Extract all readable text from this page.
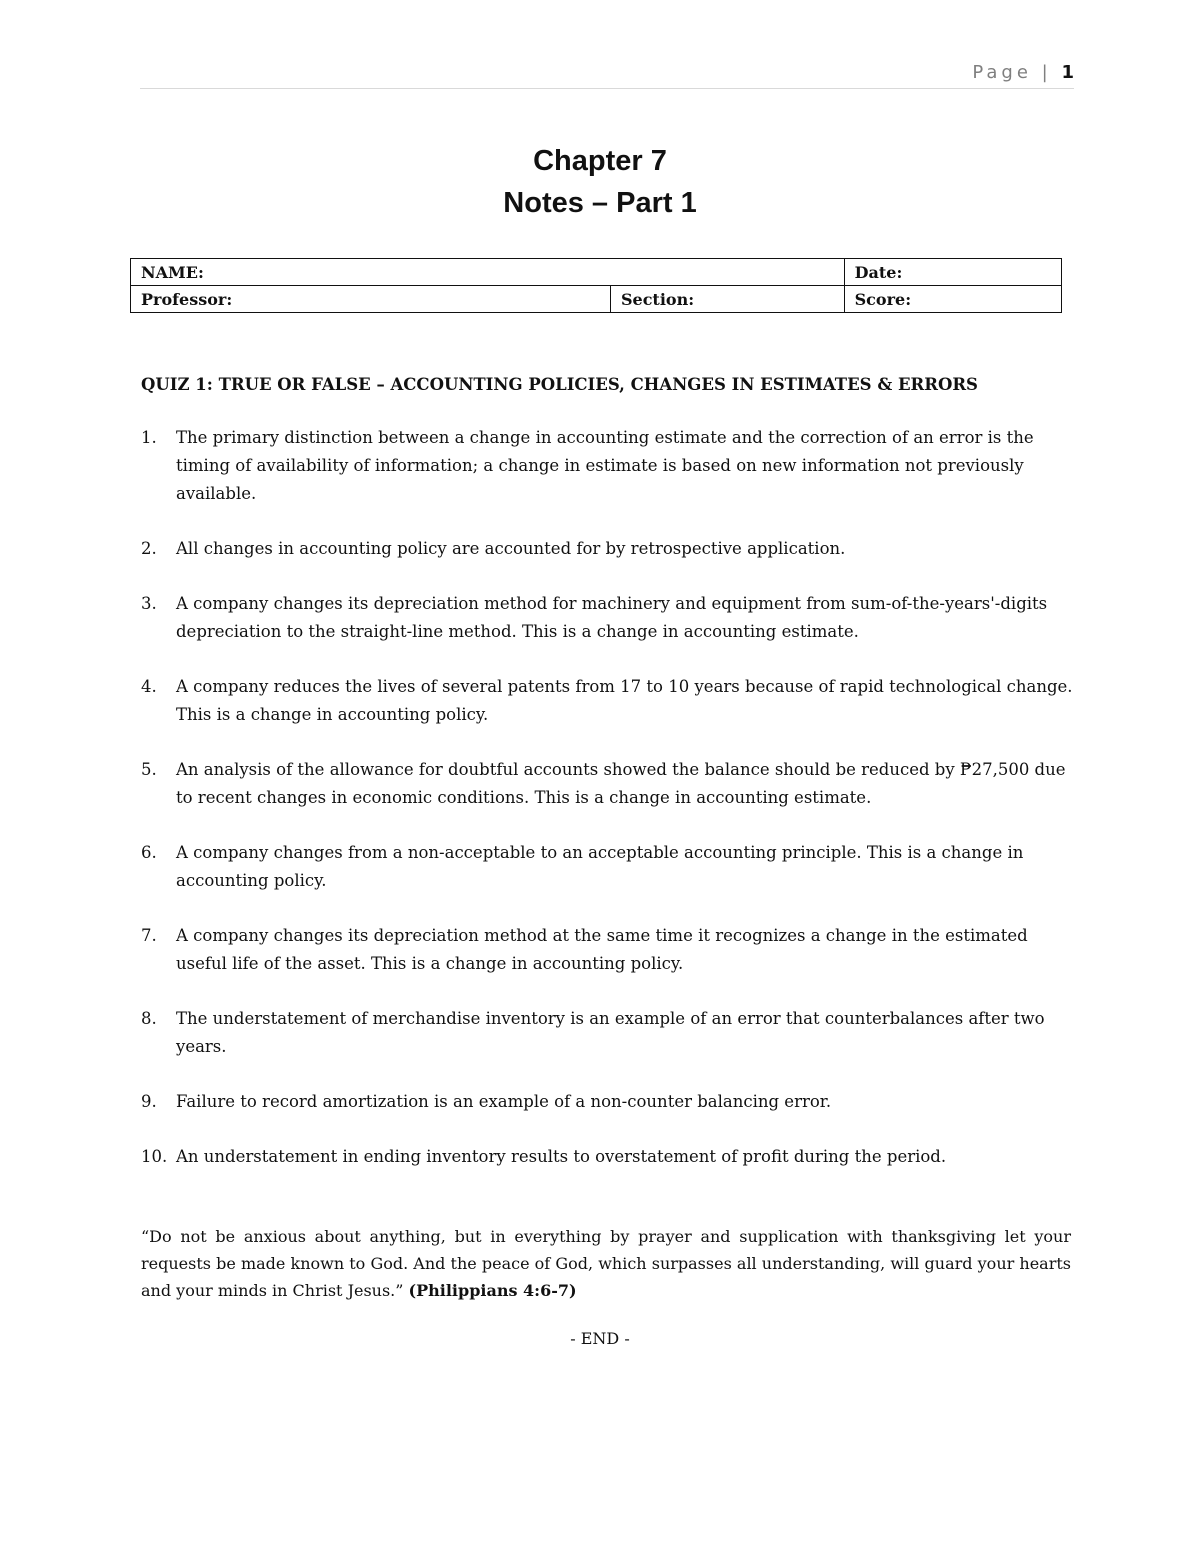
Page | 1
Chapter 7
Notes – Part 1
NAME:		Date:
Professor:	Section:	Score:
QUIZ 1: TRUE OR FALSE – ACCOUNTING POLICIES, CHANGES IN ESTIMATES & ERRORS
1. The primary distinction between a change in accounting estimate and the correction of an error is the timing of availability of information; a change in estimate is based on new information not previously available.
2. All changes in accounting policy are accounted for by retrospective application.
3. A company changes its depreciation method for machinery and equipment from sum-of-the-years'-digits depreciation to the straight-line method. This is a change in accounting estimate.
4. A company reduces the lives of several patents from 17 to 10 years because of rapid technological change. This is a change in accounting policy.
5. An analysis of the allowance for doubtful accounts showed the balance should be reduced by ₱27,500 due to recent changes in economic conditions. This is a change in accounting estimate.
6. A company changes from a non-acceptable to an acceptable accounting principle. This is a change in accounting policy.
7. A company changes its depreciation method at the same time it recognizes a change in the estimated useful life of the asset. This is a change in accounting policy.
8. The understatement of merchandise inventory is an example of an error that counterbalances after two years.
9. Failure to record amortization is an example of a non-counter balancing error.
10. An understatement in ending inventory results to overstatement of profit during the period.
“Do not be anxious about anything, but in everything by prayer and supplication with thanksgiving let your requests be made known to God. And the peace of God, which surpasses all understanding, will guard your hearts and your minds in Christ Jesus.” (Philippians 4:6-7)
- END -
